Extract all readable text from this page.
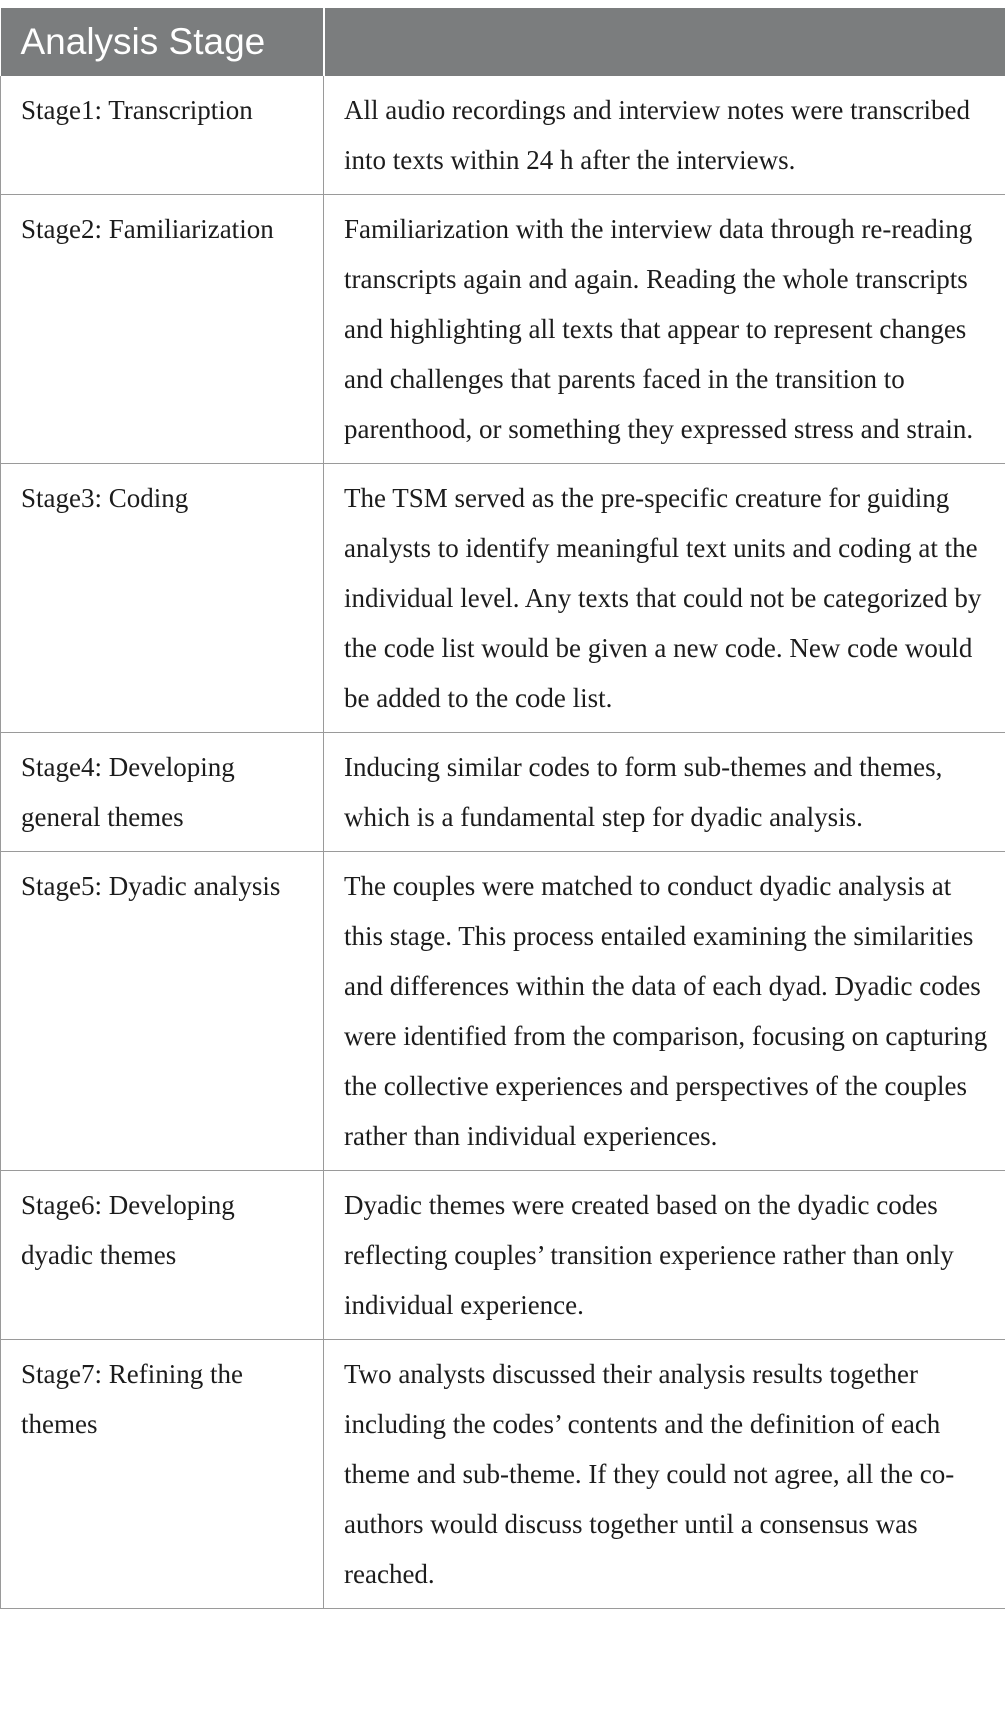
Analysis Stage	
Stage1: Transcription	All audio recordings and interview notes were transcribed into texts within 24 h after the interviews.
Stage2: Familiarization	Familiarization with the interview data through re-reading transcripts again and again. Reading the whole transcripts and highlighting all texts that appear to represent changes and challenges that parents faced in the transition to parenthood, or something they expressed stress and strain.
Stage3: Coding	The TSM served as the pre-specific creature for guiding analysts to identify meaningful text units and coding at the individual level. Any texts that could not be categorized by the code list would be given a new code. New code would be added to the code list.
Stage4: Developing general themes	Inducing similar codes to form sub-themes and themes, which is a fundamental step for dyadic analysis.
Stage5: Dyadic analysis	The couples were matched to conduct dyadic analysis at this stage. This process entailed examining the similarities and differences within the data of each dyad. Dyadic codes were identified from the comparison, focusing on capturing the collective experiences and perspectives of the couples rather than individual experiences.
Stage6: Developing dyadic themes	Dyadic themes were created based on the dyadic codes reflecting couples’ transition experience rather than only individual experience.
Stage7: Refining the themes	Two analysts discussed their analysis results together including the codes’ contents and the definition of each theme and sub-theme. If they could not agree, all the co-authors would discuss together until a consensus was reached.
